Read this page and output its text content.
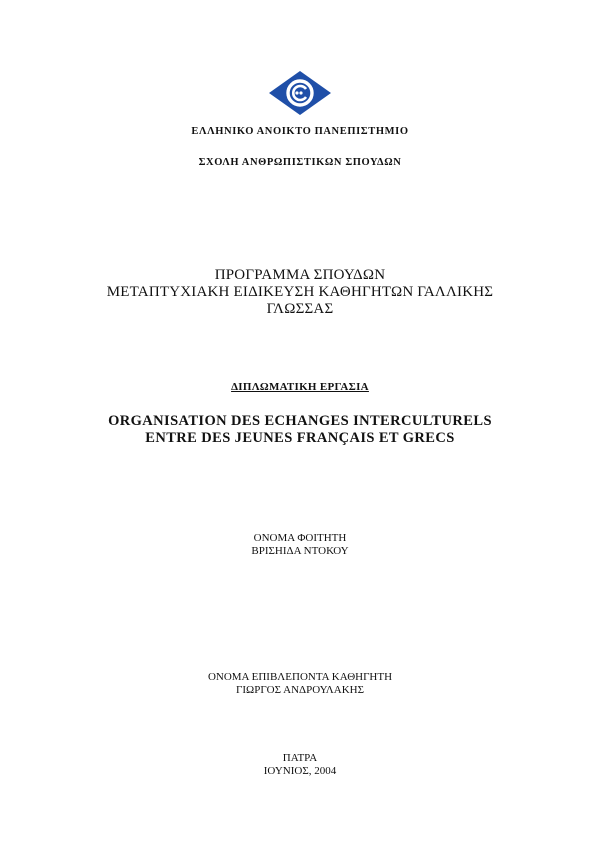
ΕΛΛΗΝΙΚΟ ΑΝΟΙΚΤΟ ΠΑΝΕΠΙΣΤΗΜΙΟ
ΣΧΟΛΗ ΑΝΘΡΩΠΙΣΤΙΚΩΝ ΣΠΟΥΔΩΝ
ΠΡΟΓΡΑΜΜΑ ΣΠΟΥΔΩΝ
ΜΕΤΑΠΤΥΧΙΑΚΗ ΕΙΔΙΚΕΥΣΗ ΚΑΘΗΓΗΤΩΝ ΓΑΛΛΙΚΗΣ
ΓΛΩΣΣΑΣ
ΔΙΠΛΩΜΑΤΙΚΗ ΕΡΓΑΣΙΑ
ORGANISATION DES ECHANGES INTERCULTURELS
ENTRE DES JEUNES FRANÇAIS ET GRECS
ΟΝΟΜΑ ΦΟΙΤΗΤΗ
ΒΡΙΣΗΙΔΑ ΝΤΟΚΟΥ
ΟΝΟΜΑ ΕΠΙΒΛΕΠΟΝΤΑ ΚΑΘΗΓΗΤΗ
ΓΙΩΡΓΟΣ ΑΝΔΡΟΥΛΑΚΗΣ
ΠΑΤΡΑ
ΙΟΥΝΙΟΣ, 2004
